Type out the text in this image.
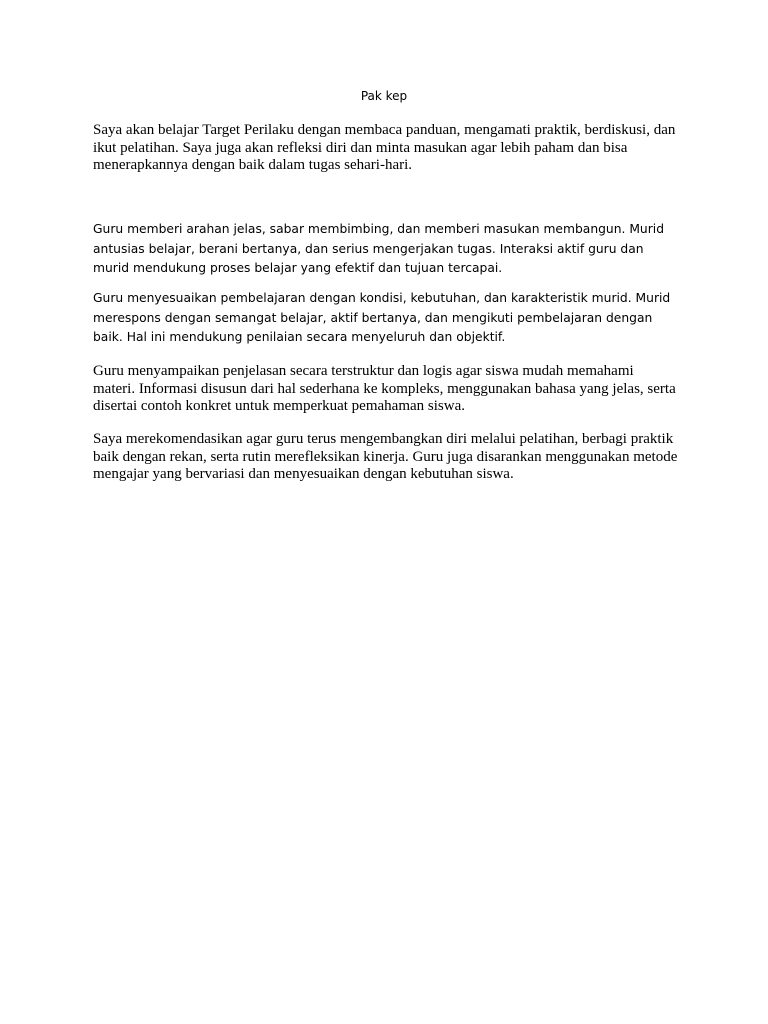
Pak kep

Saya akan belajar Target Perilaku dengan membaca panduan, mengamati praktik, berdiskusi, dan ikut pelatihan. Saya juga akan refleksi diri dan minta masukan agar lebih paham dan bisa menerapkannya dengan baik dalam tugas sehari-hari.

Guru memberi arahan jelas, sabar membimbing, dan memberi masukan membangun. Murid antusias belajar, berani bertanya, dan serius mengerjakan tugas. Interaksi aktif guru dan murid mendukung proses belajar yang efektif dan tujuan tercapai.

Guru menyesuaikan pembelajaran dengan kondisi, kebutuhan, dan karakteristik murid. Murid merespons dengan semangat belajar, aktif bertanya, dan mengikuti pembelajaran dengan baik. Hal ini mendukung penilaian secara menyeluruh dan objektif.

Guru menyampaikan penjelasan secara terstruktur dan logis agar siswa mudah memahami materi. Informasi disusun dari hal sederhana ke kompleks, menggunakan bahasa yang jelas, serta disertai contoh konkret untuk memperkuat pemahaman siswa.

Saya merekomendasikan agar guru terus mengembangkan diri melalui pelatihan, berbagi praktik baik dengan rekan, serta rutin merefleksikan kinerja. Guru juga disarankan menggunakan metode mengajar yang bervariasi dan menyesuaikan dengan kebutuhan siswa.
